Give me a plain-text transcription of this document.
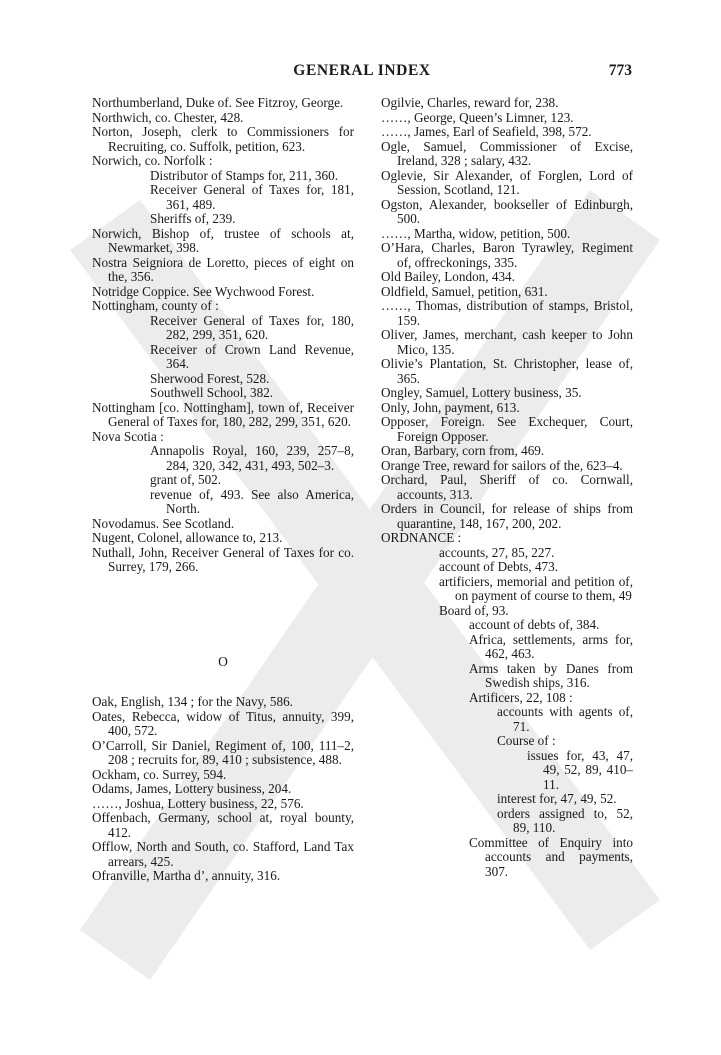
GENERAL INDEX	773
Northumberland, Duke of. See Fitzroy, George.
Northwich, co. Chester, 428.
Norton, Joseph, clerk to Commissioners for Recruiting, co. Suffolk, petition, 623.
Norwich, co. Norfolk :
Distributor of Stamps for, 211, 360.
Receiver General of Taxes for, 181, 361, 489.
Sheriffs of, 239.
Norwich, Bishop of, trustee of schools at, Newmarket, 398.
Nostra Seigniora de Loretto, pieces of eight on the, 356.
Notridge Coppice. See Wychwood Forest.
Nottingham, county of :
Receiver General of Taxes for, 180, 282, 299, 351, 620.
Receiver of Crown Land Revenue, 364.
Sherwood Forest, 528.
Southwell School, 382.
Nottingham [co. Nottingham], town of, Receiver General of Taxes for, 180, 282, 299, 351, 620.
Nova Scotia :
Annapolis Royal, 160, 239, 257–8, 284, 320, 342, 431, 493, 502–3.
grant of, 502.
revenue of, 493. See also America, North.
Novodamus. See Scotland.
Nugent, Colonel, allowance to, 213.
Nuthall, John, Receiver General of Taxes for co. Surrey, 179, 266.
O
Oak, English, 134 ; for the Navy, 586.
Oates, Rebecca, widow of Titus, annuity, 399, 400, 572.
O’Carroll, Sir Daniel, Regiment of, 100, 111–2, 208 ; recruits for, 89, 410 ; subsistence, 488.
Ockham, co. Surrey, 594.
Odams, James, Lottery business, 204.
……, Joshua, Lottery business, 22, 576.
Offenbach, Germany, school at, royal bounty, 412.
Offlow, North and South, co. Stafford, Land Tax arrears, 425.
Ofranville, Martha d’, annuity, 316.
Ogilvie, Charles, reward for, 238.
……, George, Queen’s Limner, 123.
……, James, Earl of Seafield, 398, 572.
Ogle, Samuel, Commissioner of Excise, Ireland, 328 ; salary, 432.
Oglevie, Sir Alexander, of Forglen, Lord of Session, Scotland, 121.
Ogston, Alexander, bookseller of Edinburgh, 500.
……, Martha, widow, petition, 500.
O’Hara, Charles, Baron Tyrawley, Regiment of, offreckonings, 335.
Old Bailey, London, 434.
Oldfield, Samuel, petition, 631.
……, Thomas, distribution of stamps, Bristol, 159.
Oliver, James, merchant, cash keeper to John Mico, 135.
Olivie’s Plantation, St. Christopher, lease of, 365.
Ongley, Samuel, Lottery business, 35.
Only, John, payment, 613.
Opposer, Foreign. See Exchequer, Court, Foreign Opposer.
Oran, Barbary, corn from, 469.
Orange Tree, reward for sailors of the, 623–4.
Orchard, Paul, Sheriff of co. Cornwall, accounts, 313.
Orders in Council, for release of ships from quarantine, 148, 167, 200, 202.
ORDNANCE :
accounts, 27, 85, 227.
account of Debts, 473.
artificiers, memorial and petition of, on payment of course to them, 49
Board of, 93.
account of debts of, 384.
Africa, settlements, arms for, 462, 463.
Arms taken by Danes from Swedish ships, 316.
Artificers, 22, 108 :
accounts with agents of, 71.
Course of :
issues for, 43, 47, 49, 52, 89, 410–11.
interest for, 47, 49, 52.
orders assigned to, 52, 89, 110.
Committee of Enquiry into accounts and payments, 307.
